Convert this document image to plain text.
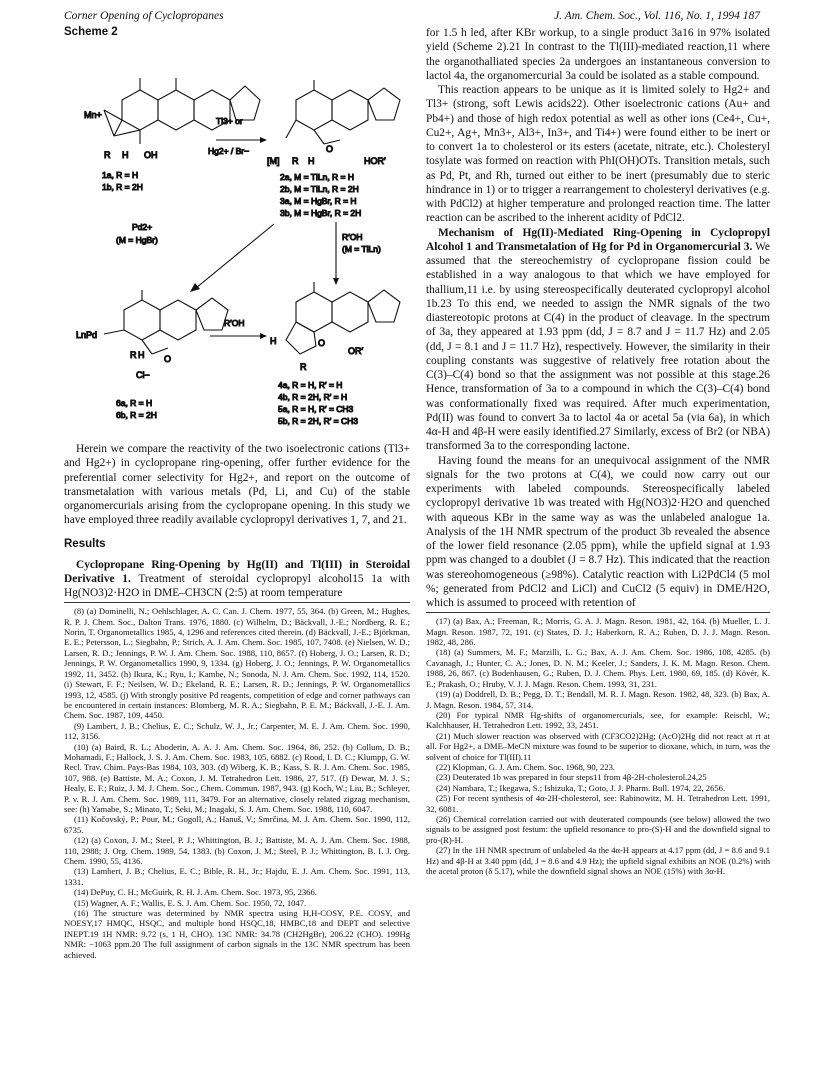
Corner Opening of Cyclopropanes	J. Am. Chem. Soc., Vol. 116, No. 1, 1994 187
Scheme 2
Mn+
R H OH
1a, R = H
1b, R = 2H
Tl3+ or
Hg2+ / Br−
[M]
O
HOR′
R H
2a, M = TlLn, R = H
2b, M = TlLn, R = 2H
3a, M = HgBr, R = H
3b, M = HgBr, R = 2H
Pd2+
(M = HgBr)	R′OH
(M = TlLn)
LnPd
O
R H
Cl−
6a, R = H
6b, R = 2H
R′OH
H
R
O
OR′
4a, R = H, R′ = H
4b, R = 2H, R′ = H
5a, R = H, R′ = CH3
5b, R = 2H, R′ = CH3

Herein we compare the reactivity of the two isoelectronic cations (Tl3+ and Hg2+) in cyclopropane ring-opening, offer further evidence for the preferential corner selectivity for Hg2+, and report on the outcome of transmetalation with various metals (Pd, Li, and Cu) of the stable organomercurials arising from the cyclopropane opening. In this study we have employed three readily available cyclopropyl derivatives 1, 7, and 21.

Results

Cyclopropane Ring-Opening by Hg(II) and Tl(III) in Steroidal Derivative 1. Treatment of steroidal cyclopropyl alcohol15 1a with Hg(NO3)2·H2O in DME–CH3CN (2:5) at room temperature

(8) (a) Dominelli, N.; Oehlschlager, A. C. Can. J. Chem. 1977, 55, 364. (b) Green, M.; Hughes, R. P. J. Chem. Soc., Dalton Trans. 1976, 1880. (c) Wilhelm, D.; Bäckvall, J.-E.; Nordberg, R. E.; Norin, T. Organometallics 1985, 4, 1296 and references cited therein. (d) Bäckvall, J.-E.; Björkman, E. E.; Petersson, L.; Siegbahn, P.; Strich, A. J. Am. Chem. Soc. 1985, 107, 7408. (e) Nielsen, W. D.; Larsen, R. D.; Jennings, P. W. J. Am. Chem. Soc. 1988, 110, 8657. (f) Hoberg, J. O.; Larsen, R. D.; Jennings, P. W. Organometallics 1990, 9, 1334. (g) Hoberg, J. O.; Jennings, P. W. Organometallics 1992, 11, 3452. (h) Ikura, K.; Ryu, I.; Kambe, N.; Sonoda, N. J. Am. Chem. Soc. 1992, 114, 1520. (i) Stewart, F. F.; Neilsen, W. D.; Ekeland, R. E.; Larsen, R. D.; Jennings, P. W. Organometallics 1993, 12, 4585. (j) With strongly positive Pd reagents, competition of edge and corner pathways can be encountered in certain instances: Blomberg, M. R. A.; Siegbahn, P. E. M.; Bäckvall, J.-E. J. Am. Chem. Soc. 1987, 109, 4450.
(9) Lambert, J. B.; Chelius, E. C.; Schulz, W. J., Jr.; Carpenter, M. E. J. Am. Chem. Soc. 1990, 112, 3156.
(10) (a) Baird, R. L.; Aboderin, A. A. J. Am. Chem. Soc. 1964, 86, 252. (b) Collum, D. B.; Mohamadi, F.; Hallock, J. S. J. Am. Chem. Soc. 1983, 105, 6882. (c) Rood, I. D. C.; Klumpp, G. W. Recl. Trav. Chim. Pays-Bas 1984, 103, 303. (d) Wiberg, K. B.; Kass, S. R. J. Am. Chem. Soc. 1985, 107, 988. (e) Battiste, M. A.; Coxon, J. M. Tetrahedron Lett. 1986, 27, 517. (f) Dewar, M. J. S.; Healy, E. F.; Ruiz, J. M. J. Chem. Soc., Chem. Commun. 1987, 943. (g) Koch, W.; Liu, B.; Schleyer, P. v. R. J. Am. Chem. Soc. 1989, 111, 3479. For an alternative, closely related zigzag mechanism, see: (h) Yamabe, S.; Minato, T.; Seki, M.; Inagaki, S. J. Am. Chem. Soc. 1988, 110, 6047.
(11) Kočovský, P.; Pour, M.; Gogoll, A.; Hanuš, V.; Smrčina, M. J. Am. Chem. Soc. 1990, 112, 6735.
(12) (a) Coxon, J. M.; Steel, P. J.; Whittington, B. J.; Battiste, M. A. J. Am. Chem. Soc. 1988, 110, 2988; J. Org. Chem. 1989, 54, 1383. (b) Coxon, J. M.; Steel, P. J.; Whittington, B. I. J. Org. Chem. 1990, 55, 4136.
(13) Lambert, J. B.; Chelius, E. C.; Bible, R. H., Jr.; Hajdu, E. J. Am. Chem. Soc. 1991, 113, 1331.
(14) DePuy, C. H.; McGuirk, R. H. J. Am. Chem. Soc. 1973, 95, 2366.
(15) Wagner, A. F.; Wallis, E. S. J. Am. Chem. Soc. 1950, 72, 1047.
(16) The structure was determined by NMR spectra using H,H-COSY, P.E. COSY, and NOESY,17 HMQC, HSQC, and multiple bond HSQC,18, HMBC,18 and DEPT and selective INEPT.19 1H NMR: 9.72 (s, 1 H, CHO). 13C NMR: 34.78 (CH2HgBr), 206.22 (CHO). 199Hg NMR: −1063 ppm.20 The full assignment of carbon signals in the 13C NMR spectrum has been achieved.

for 1.5 h led, after KBr workup, to a single product 3a16 in 97% isolated yield (Scheme 2).21 In contrast to the Tl(III)-mediated reaction,11 where the organothalliated species 2a undergoes an instantaneous conversion to lactol 4a, the organomercurial 3a could be isolated as a stable compound.

This reaction appears to be unique as it is limited solely to Hg2+ and Tl3+ (strong, soft Lewis acids22). Other isoelectronic cations (Au+ and Pb4+) and those of high redox potential as well as other ions (Ce4+, Cu+, Cu2+, Ag+, Mn3+, Al3+, In3+, and Ti4+) were found either to be inert or to convert 1a to cholesterol or its esters (acetate, nitrate, etc.). Cholesteryl tosylate was formed on reaction with PhI(OH)OTs. Transition metals, such as Pd, Pt, and Rh, turned out either to be inert (presumably due to steric hindrance in 1) or to trigger a rearrangement to cholesteryl derivatives (e.g. with PdCl2) at higher temperature and prolonged reaction time. The latter reaction can be ascribed to the inherent acidity of PdCl2.

Mechanism of Hg(II)-Mediated Ring-Opening in Cyclopropyl Alcohol 1 and Transmetalation of Hg for Pd in Organomercurial 3. We assumed that the stereochemistry of cyclopropane fission could be established in a way analogous to that which we have employed for thallium,11 i.e. by using stereospecifically deuterated cyclopropyl alcohol 1b.23 To this end, we needed to assign the NMR signals of the two diastereotopic protons at C(4) in the product of cleavage. In the spectrum of 3a, they appeared at 1.93 ppm (dd, J = 8.7 and J = 11.7 Hz) and 2.05 (dd, J = 8.1 and J = 11.7 Hz), respectively. However, the similarity in their coupling constants was suggestive of relatively free rotation about the C(3)–C(4) bond so that the assignment was not possible at this stage.26 Hence, transformation of 3a to a compound in which the C(3)–C(4) bond was conformationally fixed was required. After much experimentation, Pd(II) was found to convert 3a to lactol 4a or acetal 5a (via 6a), in which 4α-H and 4β-H were easily identified.27 Similarly, excess of Br2 (or NBA) transformed 3a to the corresponding lactone.

Having found the means for an unequivocal assignment of the NMR signals for the two protons at C(4), we could now carry out our experiments with labeled compounds. Stereospecifically labeled cyclopropyl derivative 1b was treated with Hg(NO3)2·H2O and quenched with aqueous KBr in the same way as was the unlabeled analogue 1a. Analysis of the 1H NMR spectrum of the product 3b revealed the absence of the lower field resonance (2.05 ppm), while the upfield signal at 1.93 ppm was changed to a doublet (J = 8.7 Hz). This indicated that the reaction was stereohomogeneous (≥98%). Catalytic reaction with Li2PdCl4 (5 mol %; generated from PdCl2 and LiCl) and CuCl2 (5 equiv) in DME/H2O, which is assumed to proceed with retention of

(17) (a) Bax, A.; Freeman, R.; Morris, G. A. J. Magn. Reson. 1981, 42, 164. (b) Mueller, L. J. Magn. Reson. 1987, 72, 191. (c) States, D. J.; Haberkorn, R. A.; Ruben, D. J. J. Magn. Reson. 1982, 48, 286.
(18) (a) Summers, M. F.; Marzilli, L. G.; Bax, A. J. Am. Chem. Soc. 1986, 108, 4285. (b) Cavanagh, J.; Hunter, C. A.; Jones, D. N. M.; Keeler, J.; Sanders, J. K. M. Magn. Reson. Chem. 1988, 26, 867. (c) Bodenhausen, G.; Ruben, D. J. Chem. Phys. Lett. 1980, 69, 185. (d) Kövér, K. E.; Prakash, O.; Hruby, V. J. J. Magn. Reson. Chem. 1993, 31, 231.
(19) (a) Doddrell, D. B.; Pegg, D. T.; Bendall, M. R. J. Magn. Reson. 1982, 48, 323. (b) Bax, A. J. Magn. Reson. 1984, 57, 314.
(20) For typical NMR Hg-shifts of organomercurials, see, for example: Reischl, W.; Kalchhauser, H. Tetrahedron Lett. 1992, 33, 2451.
(21) Much slower reaction was observed with (CF3CO2)2Hg; (AcO)2Hg did not react at rt at all. For Hg2+, a DME–MeCN mixture was found to be superior to dioxane, which, in turn, was the solvent of choice for Tl(III).11
(22) Klopman, G. J. Am. Chem. Soc. 1968, 90, 223.
(23) Deuterated 1b was prepared in four steps11 from 4β-2H-cholesterol.24,25
(24) Nambara, T.; Ikegawa, S.; Ishizuka, T.; Goto, J. J. Pharm. Bull. 1974, 22, 2656.
(25) For recent synthesis of 4α-2H-cholesterol, see: Rabinowitz, M. H. Tetrahedron Lett. 1991, 32, 6081.
(26) Chemical correlation carried out with deuterated compounds (see below) allowed the two signals to be assigned post festum: the upfield resonance to pro-(S)-H and the downfield signal to pro-(R)-H.
(27) In the 1H NMR spectrum of unlabeled 4a the 4α-H appears at 4.17 ppm (dd, J = 8.6 and 9.1 Hz) and 4β-H at 3.40 ppm (dd, J = 8.6 and 4.9 Hz); the upfield signal exhibits an NOE (0.2%) with the acetal proton (δ 5.17), while the downfield signal shows an NOE (15%) with 3α-H.
